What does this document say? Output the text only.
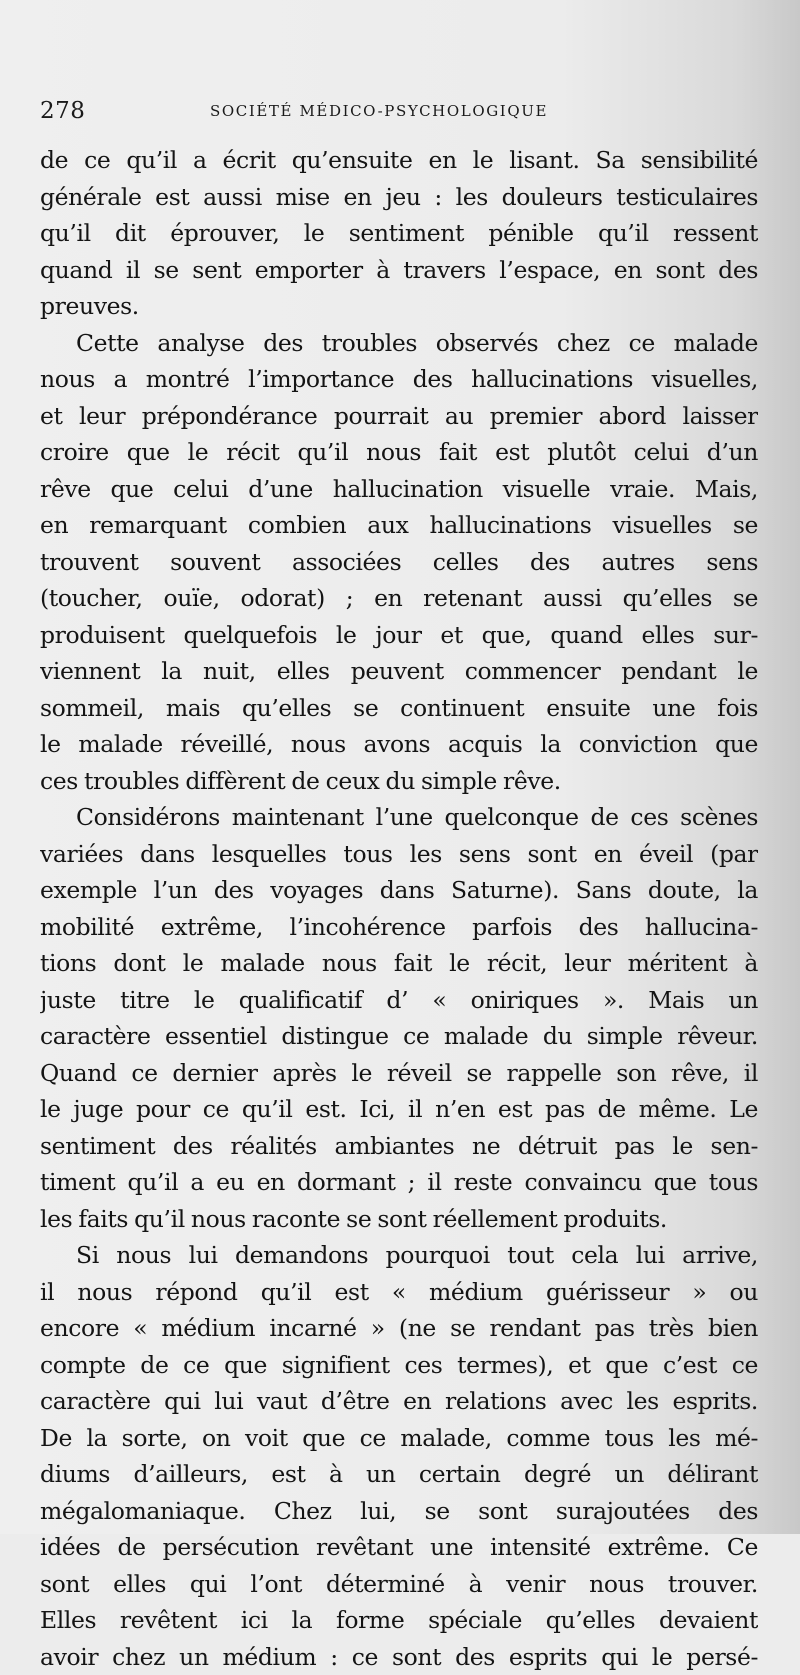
278	SOCIÉTÉ MÉDICO-PSYCHOLOGIQUE
de ce qu’il a écrit qu’ensuite en le lisant. Sa sensibilité
générale est aussi mise en jeu : les douleurs testiculaires
qu’il dit éprouver, le sentiment pénible qu’il ressent
quand il se sent emporter à travers l’espace, en sont des
preuves.
Cette analyse des troubles observés chez ce malade
nous a montré l’importance des hallucinations visuelles,
et leur prépondérance pourrait au premier abord laisser
croire que le récit qu’il nous fait est plutôt celui d’un
rêve que celui d’une hallucination visuelle vraie. Mais,
en remarquant combien aux hallucinations visuelles se
trouvent souvent associées celles des autres sens
(toucher, ouïe, odorat) ; en retenant aussi qu’elles se
produisent quelquefois le jour et que, quand elles sur-
viennent la nuit, elles peuvent commencer pendant le
sommeil, mais qu’elles se continuent ensuite une fois
le malade réveillé, nous avons acquis la conviction que
ces troubles diffèrent de ceux du simple rêve.
Considérons maintenant l’une quelconque de ces scènes
variées dans lesquelles tous les sens sont en éveil (par
exemple l’un des voyages dans Saturne). Sans doute, la
mobilité extrême, l’incohérence parfois des hallucina-
tions dont le malade nous fait le récit, leur méritent à
juste titre le qualificatif d’ « oniriques ». Mais un
caractère essentiel distingue ce malade du simple rêveur.
Quand ce dernier après le réveil se rappelle son rêve, il
le juge pour ce qu’il est. Ici, il n’en est pas de même. Le
sentiment des réalités ambiantes ne détruit pas le sen-
timent qu’il a eu en dormant ; il reste convaincu que tous
les faits qu’il nous raconte se sont réellement produits.
Si nous lui demandons pourquoi tout cela lui arrive,
il nous répond qu’il est « médium guérisseur » ou
encore « médium incarné » (ne se rendant pas très bien
compte de ce que signifient ces termes), et que c’est ce
caractère qui lui vaut d’être en relations avec les esprits.
De la sorte, on voit que ce malade, comme tous les mé-
diums d’ailleurs, est à un certain degré un délirant
mégalomaniaque. Chez lui, se sont surajoutées des
idées de persécution revêtant une intensité extrême. Ce
sont elles qui l’ont déterminé à venir nous trouver.
Elles revêtent ici la forme spéciale qu’elles devaient
avoir chez un médium : ce sont des esprits qui le persé-
